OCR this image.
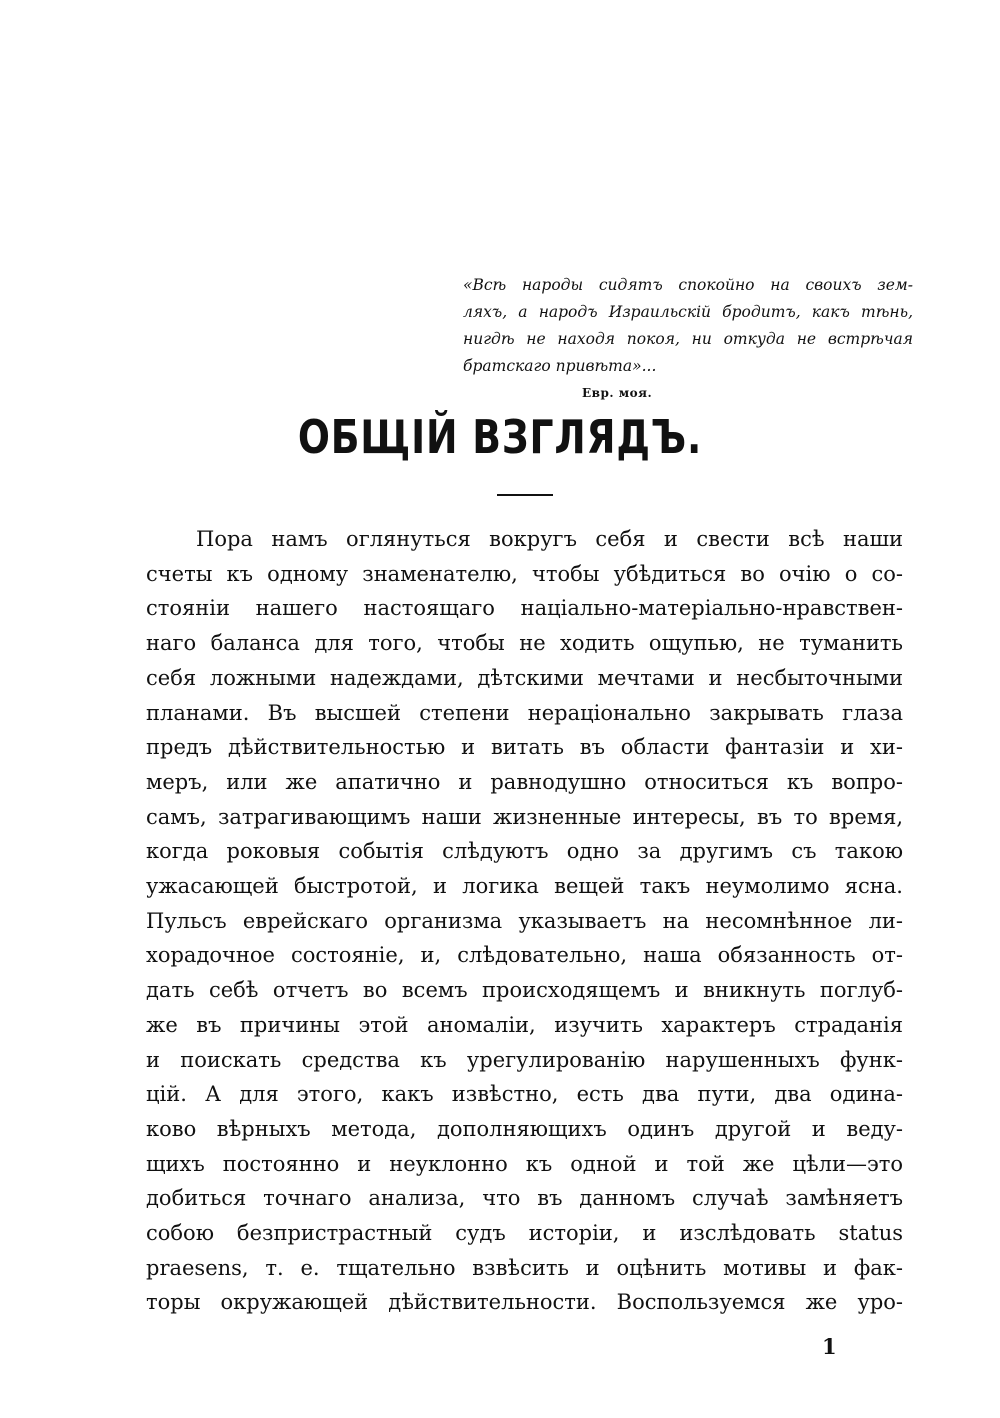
«Всѣ народы сидятъ спокойно на своихъ зем-
ляхъ, а народъ Израильскій бродитъ, какъ тѣнь,
нигдѣ не находя покоя, ни откуда не встрѣчая
братскаго привѣта»...
Евр. моя.
ОБЩІЙ ВЗГЛЯДЪ.
Пора намъ оглянуться вокругъ себя и свести всѣ наши
счеты къ одному знаменателю, чтобы убѣдиться во очію о со-
стояніи нашего настоящаго націально-матеріально-нравствен-
наго баланса для того, чтобы не ходить ощупью, не туманить
себя ложными надеждами, дѣтскими мечтами и несбыточными
планами. Въ высшей степени нераціонально закрывать глаза
предъ дѣйствительностью и витать въ области фантазіи и хи-
меръ, или же апатично и равнодушно относиться къ вопро-
самъ, затрагивающимъ наши жизненные интересы, въ то время,
когда роковыя событія слѣдуютъ одно за другимъ съ такою
ужасающей быстротой, и логика вещей такъ неумолимо ясна.
Пульсъ еврейскаго организма указываетъ на несомнѣнное ли-
хорадочное состояніе, и, слѣдовательно, наша обязанность от-
дать себѣ отчетъ во всемъ происходящемъ и вникнуть поглуб-
же въ причины этой аномаліи, изучить характеръ страданія
и поискать средства къ урегулированію нарушенныхъ функ-
цій. А для этого, какъ извѣстно, есть два пути, два одина-
ково вѣрныхъ метода, дополняющихъ одинъ другой и веду-
щихъ постоянно и неуклонно къ одной и той же цѣли—это
добиться точнаго анализа, что въ данномъ случаѣ замѣняетъ
собою безпристрастный судъ исторіи, и изслѣдовать status
praesens, т. е. тщательно взвѣсить и оцѣнить мотивы и фак-
торы окружающей дѣйствительности. Воспользуемся же уро-
1
